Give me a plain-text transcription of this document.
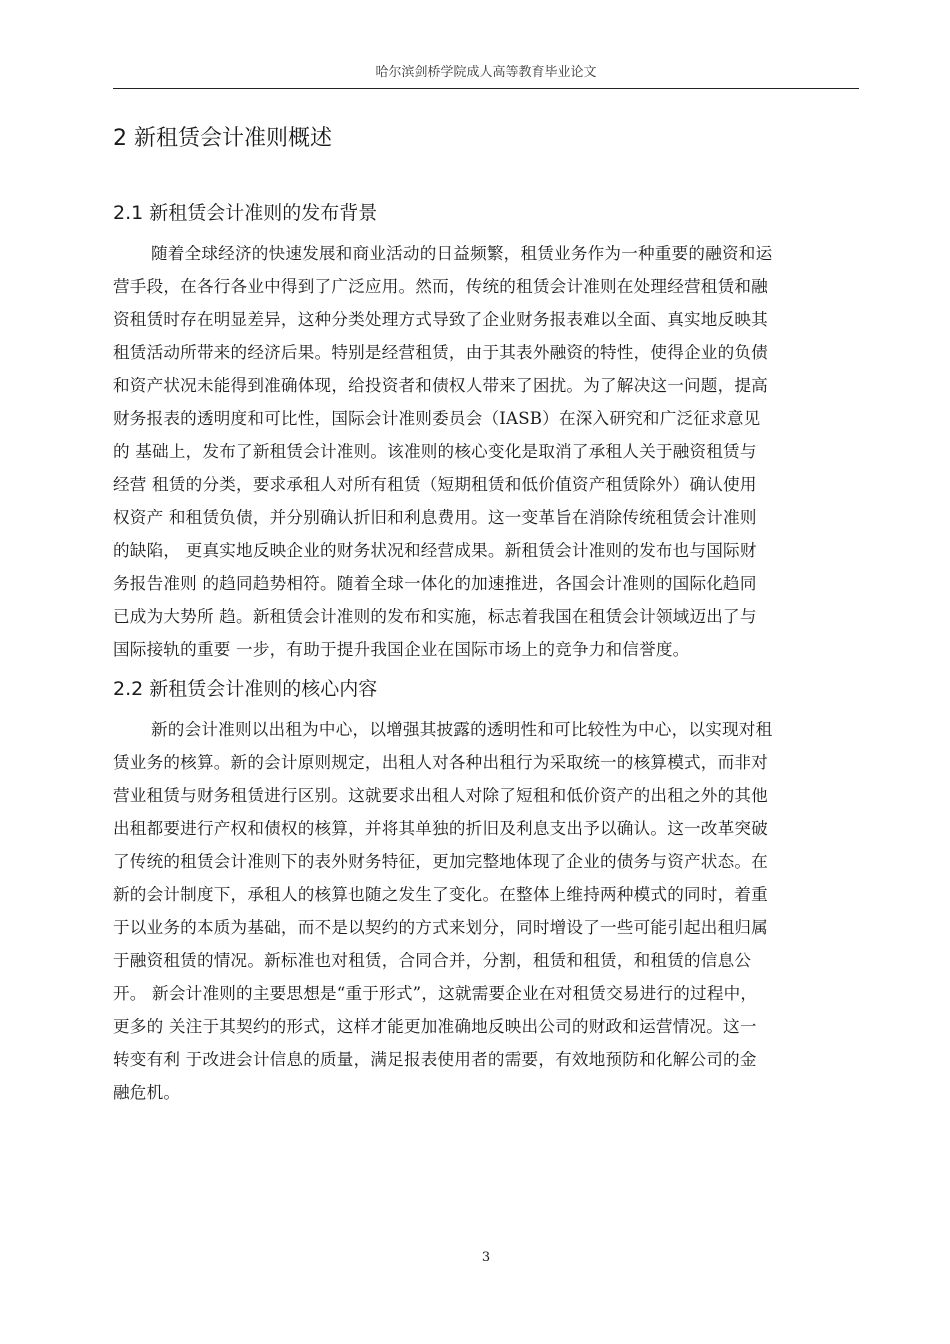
哈尔滨剑桥学院成人高等教育毕业论文
2 新租赁会计准则概述
2.1 新租赁会计准则的发布背景
随着全球经济的快速发展和商业活动的日益频繁，租赁业务作为一种重要的融资和运
营手段，在各行各业中得到了广泛应用。然而，传统的租赁会计准则在处理经营租赁和融
资租赁时存在明显差异，这种分类处理方式导致了企业财务报表难以全面、真实地反映其
租赁活动所带来的经济后果。特别是经营租赁，由于其表外融资的特性，使得企业的负债
和资产状况未能得到准确体现，给投资者和债权人带来了困扰。为了解决这一问题，提高
财务报表的透明度和可比性，国际会计准则委员会（IASB）在深入研究和广泛征求意见
的 基础上，发布了新租赁会计准则。该准则的核心变化是取消了承租人关于融资租赁与
经营 租赁的分类，要求承租人对所有租赁（短期租赁和低价值资产租赁除外）确认使用
权资产 和租赁负债，并分别确认折旧和利息费用。这一变革旨在消除传统租赁会计准则
的缺陷， 更真实地反映企业的财务状况和经营成果。新租赁会计准则的发布也与国际财
务报告准则 的趋同趋势相符。随着全球一体化的加速推进，各国会计准则的国际化趋同
已成为大势所 趋。新租赁会计准则的发布和实施，标志着我国在租赁会计领域迈出了与
国际接轨的重要 一步，有助于提升我国企业在国际市场上的竞争力和信誉度。
2.2 新租赁会计准则的核心内容
新的会计准则以出租为中心，以增强其披露的透明性和可比较性为中心，以实现对租
赁业务的核算。新的会计原则规定，出租人对各种出租行为采取统一的核算模式，而非对
营业租赁与财务租赁进行区别。这就要求出租人对除了短租和低价资产的出租之外的其他
出租都要进行产权和债权的核算，并将其单独的折旧及利息支出予以确认。这一改革突破
了传统的租赁会计准则下的表外财务特征，更加完整地体现了企业的债务与资产状态。在
新的会计制度下，承租人的核算也随之发生了变化。在整体上维持两种模式的同时，着重
于以业务的本质为基础，而不是以契约的方式来划分，同时增设了一些可能引起出租归属
于融资租赁的情况。新标准也对租赁，合同合并，分割，租赁和租赁，和租赁的信息公
开。 新会计准则的主要思想是“重于形式”，这就需要企业在对租赁交易进行的过程中，
更多的 关注于其契约的形式，这样才能更加准确地反映出公司的财政和运营情况。这一
转变有利 于改进会计信息的质量，满足报表使用者的需要，有效地预防和化解公司的金
融危机。
3
